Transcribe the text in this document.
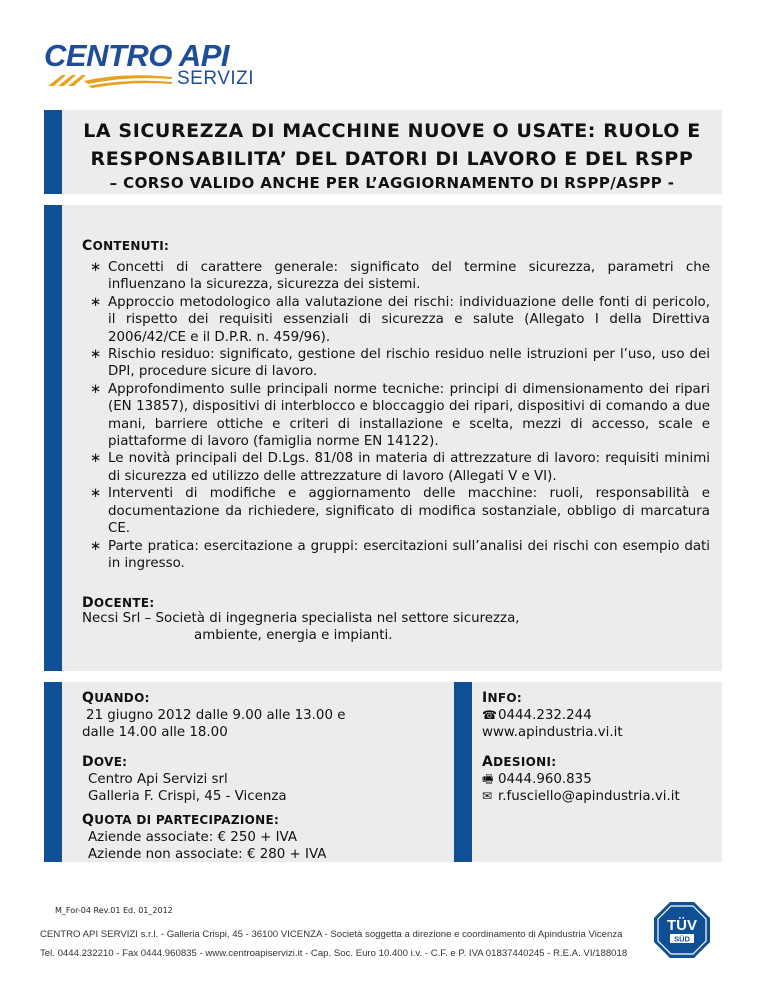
CENTRO API
SERVIZI
LA SICUREZZA DI MACCHINE NUOVE O USATE: RUOLO E
RESPONSABILITA’ DEL DATORI DI LAVORO E DEL RSPP
– CORSO VALIDO ANCHE PER L’AGGIORNAMENTO DI RSPP/ASPP -
CONTENUTI:
∗ Concetti di carattere generale: significato del termine sicurezza, parametri che influenzano la sicurezza, sicurezza dei sistemi.
∗ Approccio metodologico alla valutazione dei rischi: individuazione delle fonti di pericolo, il rispetto dei requisiti essenziali di sicurezza e salute (Allegato I della Direttiva 2006/42/CE e il D.P.R. n. 459/96).
∗ Rischio residuo: significato, gestione del rischio residuo nelle istruzioni per l’uso, uso dei DPI, procedure sicure di lavoro.
∗ Approfondimento sulle principali norme tecniche: principi di dimensionamento dei ripari (EN 13857), dispositivi di interblocco e bloccaggio dei ripari, dispositivi di comando a due mani, barriere ottiche e criteri di installazione e scelta, mezzi di accesso, scale e piattaforme di lavoro (famiglia norme EN 14122).
∗ Le novità principali del D.Lgs. 81/08 in materia di attrezzature di lavoro: requisiti minimi di sicurezza ed utilizzo delle attrezzature di lavoro (Allegati V e VI).
∗ Interventi di modifiche e aggiornamento delle macchine: ruoli, responsabilità e documentazione da richiedere, significato di modifica sostanziale, obbligo di marcatura CE.
∗ Parte pratica: esercitazione a gruppi: esercitazioni sull’analisi dei rischi con esempio dati in ingresso.
DOCENTE:
Necsi Srl – Società di ingegneria specialista nel settore sicurezza,
ambiente, energia e impianti.
QUANDO:
21 giugno 2012 dalle 9.00 alle 13.00 e
dalle 14.00 alle 18.00
DOVE:
Centro Api Servizi srl
Galleria F. Crispi, 45 - Vicenza
QUOTA DI PARTECIPAZIONE:
Aziende associate: € 250 + IVA
Aziende non associate: € 280 + IVA
INFO:
☎0444.232.244
www.apindustria.vi.it
ADESIONI:
🖷 0444.960.835
✉ r.fusciello@apindustria.vi.it
M_For-04 Rev.01 Ed. 01_2012
CENTRO API SERVIZI s.r.l. - Galleria Crispi, 45 - 36100 VICENZA - Società soggetta a direzione e coordinamento di Apindustria Vicenza
Tel. 0444.232210 - Fax 0444.960835 - www.centroapiservizi.it - Cap. Soc. Euro 10.400 i.v. - C.F. e P. IVA 01837440245 - R.E.A. VI/188018
TÜV
SÜD
